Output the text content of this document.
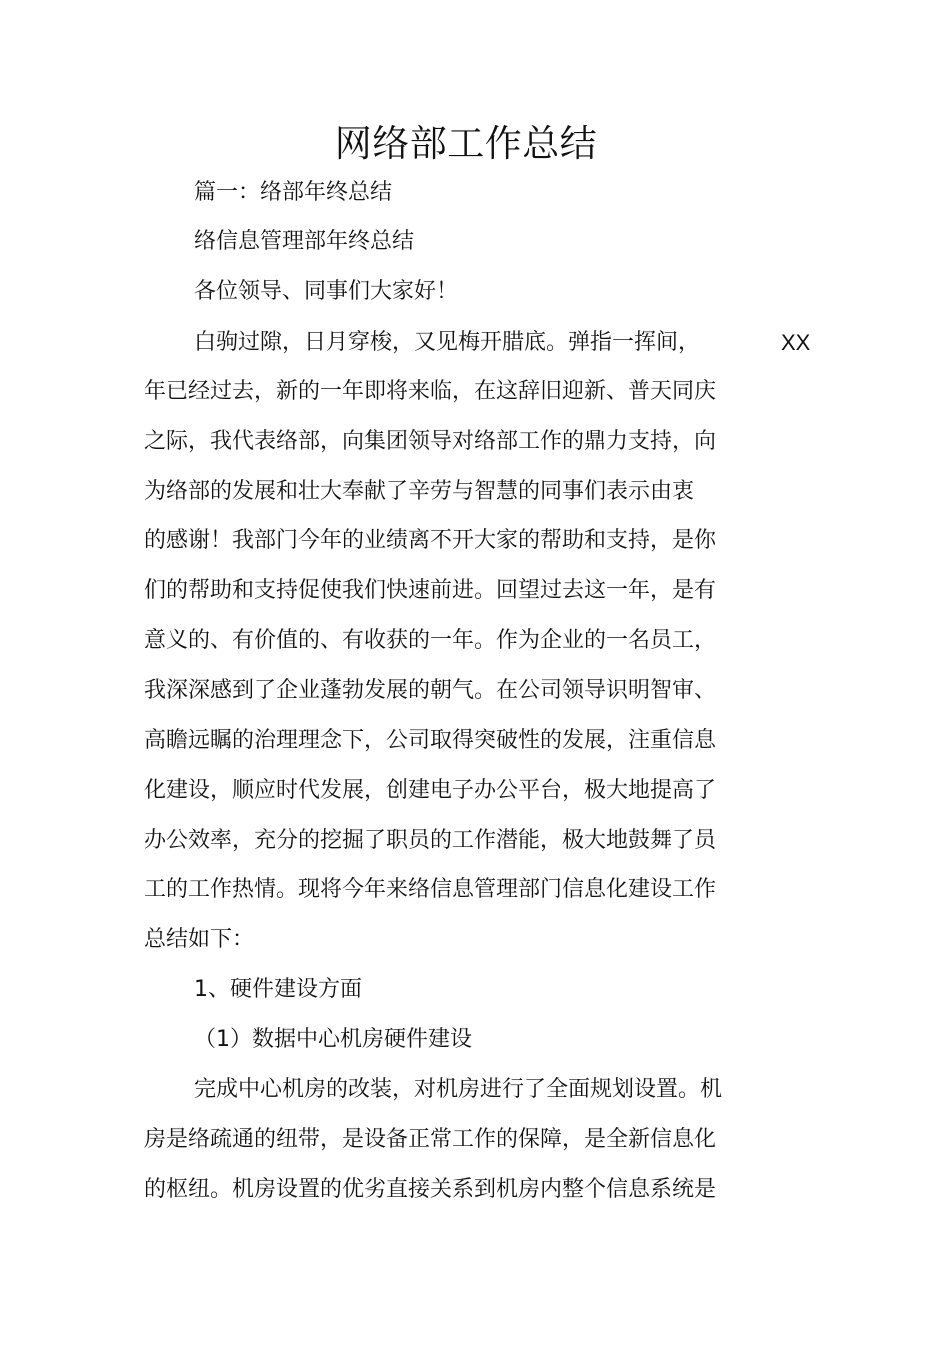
网络部工作总结
篇一：络部年终总结
络信息管理部年终总结
各位领导、同事们大家好！
白驹过隙，日月穿梭，又见梅开腊底。弹指一挥间，	XX
年已经过去，新的一年即将来临，在这辞旧迎新、普天同庆
之际，我代表络部，向集团领导对络部工作的鼎力支持，向
为络部的发展和壮大奉献了辛劳与智慧的同事们表示由衷
的感谢！我部门今年的业绩离不开大家的帮助和支持，是你
们的帮助和支持促使我们快速前进。回望过去这一年，是有
意义的、有价值的、有收获的一年。作为企业的一名员工，
我深深感到了企业蓬勃发展的朝气。在公司领导识明智审、
高瞻远瞩的治理理念下，公司取得突破性的发展，注重信息
化建设，顺应时代发展，创建电子办公平台，极大地提高了
办公效率，充分的挖掘了职员的工作潜能，极大地鼓舞了员
工的工作热情。现将今年来络信息管理部门信息化建设工作
总结如下：
1、硬件建设方面
（1）数据中心机房硬件建设
完成中心机房的改装，对机房进行了全面规划设置。机
房是络疏通的纽带，是设备正常工作的保障，是全新信息化
的枢纽。机房设置的优劣直接关系到机房内整个信息系统是
